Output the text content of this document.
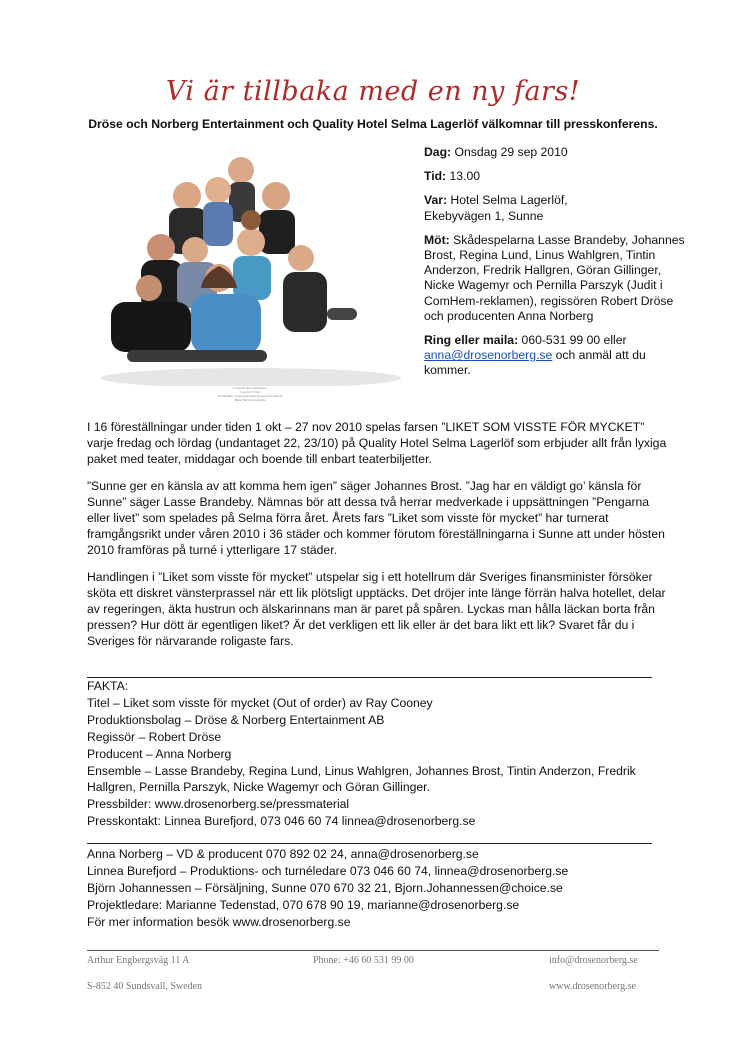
Vi är tillbaka med en ny fars!
Dröse och Norberg Entertainment och Quality Hotel Selma Lagerlöf välkomnar till presskonferens.
Fotograf: Rolf Johansson
Foto för fri bild
Pressbilder: www.drosenorberg.se/pressmaterial
Bilder får fritt användas

Dag: Onsdag 29 sep 2010

Tid: 13.00

Var: Hotel Selma Lagerlöf,
Ekebyvägen 1, Sunne

Möt: Skådespelarna Lasse Brandeby, Johannes Brost, Regina Lund, Linus Wahlgren, Tintin Anderzon, Fredrik Hallgren, Göran Gillinger, Nicke Wagemyr och Pernilla Parszyk (Judit i ComHem-reklamen), regissören Robert Dröse och producenten Anna Norberg

Ring eller maila: 060-531 99 00 eller
anna@drosenorberg.se och anmäl att du kommer.

I 16 föreställningar under tiden 1 okt – 27 nov 2010 spelas farsen ”LIKET SOM VISSTE FÖR MYCKET” varje fredag och lördag (undantaget 22, 23/10) på Quality Hotel Selma Lagerlöf som erbjuder allt från lyxiga paket med teater, middagar och boende till enbart teaterbiljetter.

”Sunne ger en känsla av att komma hem igen” säger Johannes Brost. ”Jag har en väldigt go’ känsla för Sunne” säger Lasse Brandeby. Nämnas bör att dessa två herrar medverkade i uppsättningen ”Pengarna eller livet” som spelades på Selma förra året. Årets fars ”Liket som visste för mycket” har turnerat framgångsrikt under våren 2010 i 36 städer och kommer förutom föreställningarna i Sunne att under hösten 2010 framföras på turné i ytterligare 17 städer.

Handlingen i ”Liket som visste för mycket” utspelar sig i ett hotellrum där Sveriges finansminister försöker sköta ett diskret vänsterprassel när ett lik plötsligt upptäcks. Det dröjer inte länge förrän halva hotellet, delar av regeringen, äkta hustrun och älskarinnans man är paret på spåren. Lyckas man hålla läckan borta från pressen? Hur dött är egentligen liket? Är det verkligen ett lik eller är det bara likt ett lik? Svaret får du i Sveriges för närvarande roligaste fars.

FAKTA:
Titel – Liket som visste för mycket (Out of order) av Ray Cooney
Produktionsbolag – Dröse & Norberg Entertainment AB
Regissör – Robert Dröse
Producent – Anna Norberg
Ensemble – Lasse Brandeby, Regina Lund, Linus Wahlgren, Johannes Brost, Tintin Anderzon, Fredrik Hallgren, Pernilla Parszyk, Nicke Wagemyr och Göran Gillinger.
Pressbilder: www.drosenorberg.se/pressmaterial
Presskontakt: Linnea Burefjord, 073 046 60 74 linnea@drosenorberg.se
Anna Norberg – VD & producent 070 892 02 24, anna@drosenorberg.se
Linnea Burefjord – Produktions- och turnéledare 073 046 60 74, linnea@drosenorberg.se
Björn Johannessen – Försäljning, Sunne 070 670 32 21, Bjorn.Johannessen@choice.se
Projektledare: Marianne Tedenstad, 070 678 90 19, marianne@drosenorberg.se
För mer information besök www.drosenorberg.se
Arthur Engbergsväg 11 A
S-852 40 Sundsvall, Sweden
Phone: +46 60 531 99 00	info@drosenorberg.se
www.drosenorberg.se
